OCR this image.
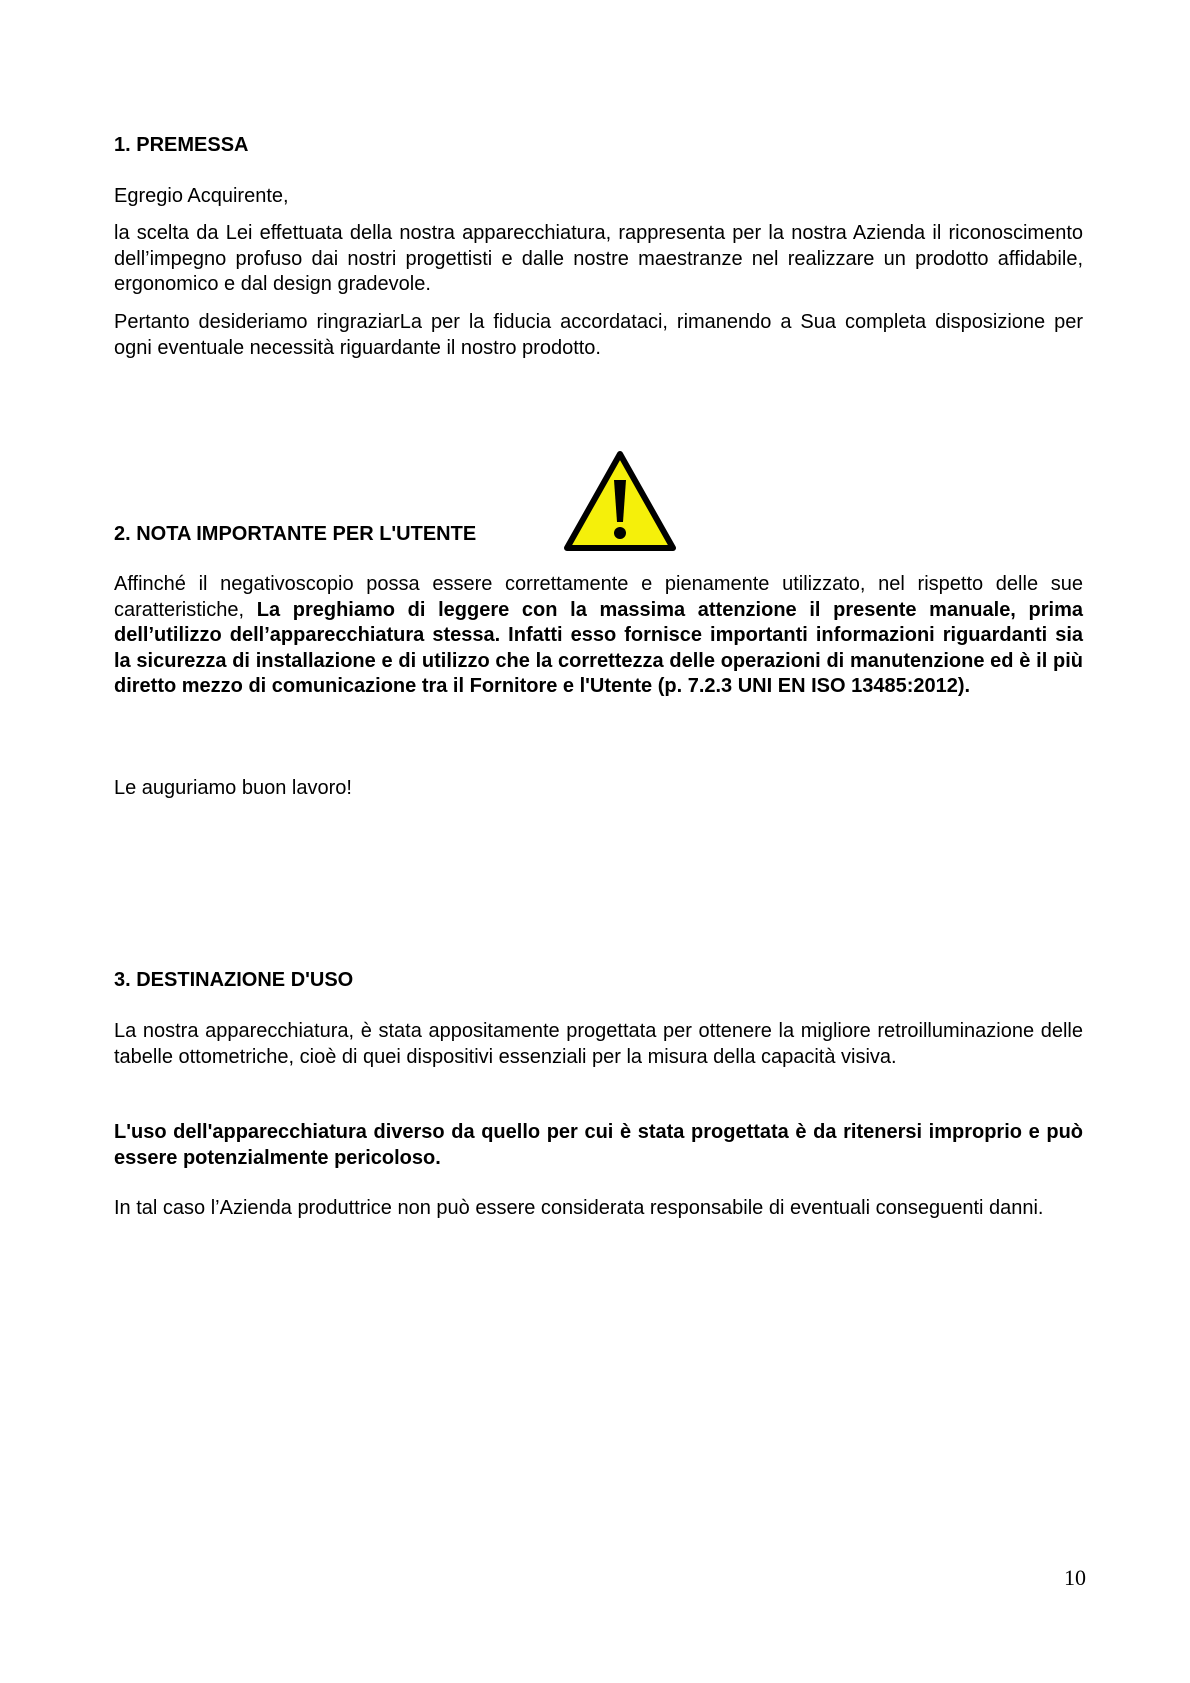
1. PREMESSA
Egregio Acquirente,
la scelta da Lei effettuata della nostra apparecchiatura, rappresenta per la nostra Azienda il riconoscimento dell’impegno profuso dai nostri progettisti e dalle nostre maestranze nel realizzare un prodotto affidabile, ergonomico e dal design gradevole.
Pertanto desideriamo ringraziarLa per la fiducia accordataci, rimanendo a Sua completa disposizione per ogni eventuale necessità riguardante il nostro prodotto.
2. NOTA IMPORTANTE PER L'UTENTE
Affinché il negativoscopio possa essere correttamente e pienamente utilizzato, nel rispetto delle sue caratteristiche, La preghiamo di leggere con la massima attenzione il presente manuale, prima dell’utilizzo dell’apparecchiatura stessa. Infatti esso fornisce importanti informazioni riguardanti sia la sicurezza di installazione e di utilizzo che la correttezza delle operazioni di manutenzione ed è il più diretto mezzo di comunicazione tra il Fornitore e l'Utente (p. 7.2.3 UNI EN ISO 13485:2012).
Le auguriamo buon lavoro!
3. DESTINAZIONE D'USO
La nostra apparecchiatura, è stata appositamente progettata per ottenere la migliore retroilluminazione delle tabelle ottometriche, cioè di quei dispositivi essenziali per la misura della capacità visiva.
L'uso dell'apparecchiatura diverso da quello per cui è stata progettata è da ritenersi improprio e può essere potenzialmente pericoloso.
In tal caso l’Azienda produttrice non può essere considerata responsabile di eventuali conseguenti danni.
10
